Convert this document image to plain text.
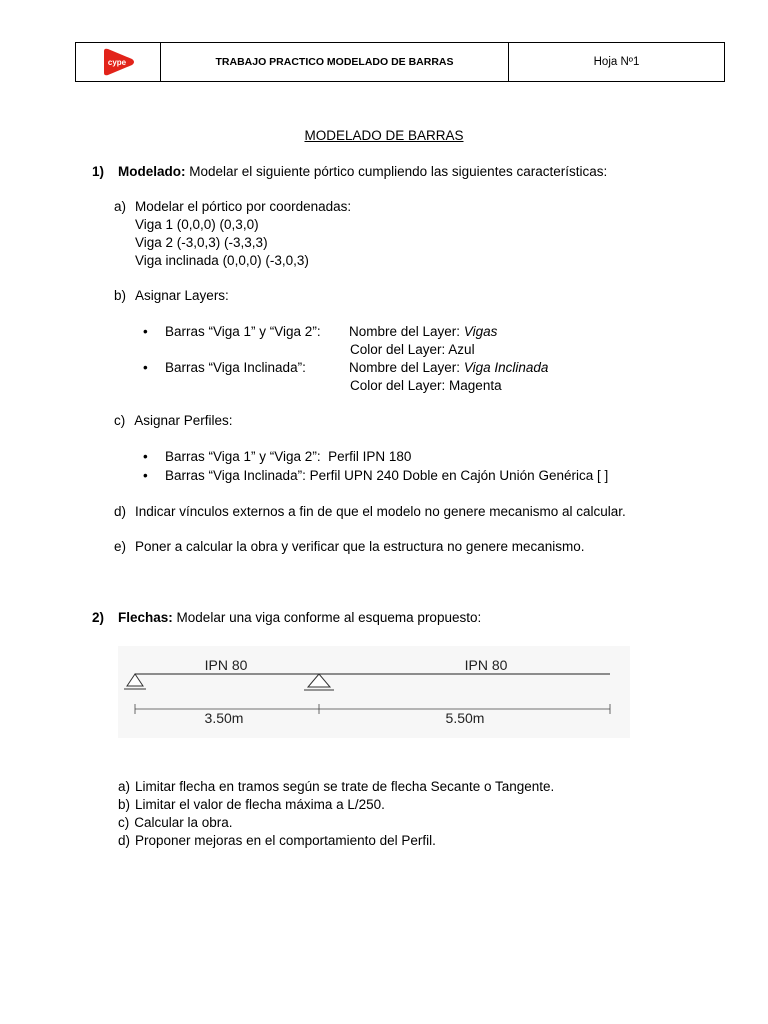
cype	TRABAJO PRACTICO MODELADO DE BARRAS	Hoja Nº1
MODELADO DE BARRAS
1) Modelado: Modelar el siguiente pórtico cumpliendo las siguientes características:
a) Modelar el pórtico por coordenadas:
Viga 1 (0,0,0) (0,3,0)
Viga 2 (-3,0,3) (-3,3,3)
Viga inclinada (0,0,0) (-3,0,3)
b) Asignar Layers:
• Barras “Viga 1” y “Viga 2”: Nombre del Layer: Vigas
Color del Layer: Azul
• Barras “Viga Inclinada”:	Nombre del Layer: Viga Inclinada
Color del Layer: Magenta
c) Asignar Perfiles:
• Barras “Viga 1” y “Viga 2”:  Perfil IPN 180
• Barras “Viga Inclinada”: Perfil UPN 240 Doble en Cajón Unión Genérica [ ]
d) Indicar vínculos externos a fin de que el modelo no genere mecanismo al calcular.
e) Poner a calcular la obra y verificar que la estructura no genere mecanismo.
2) Flechas: Modelar una viga conforme al esquema propuesto:
IPN 80	IPN 80
3.50m	5.50m
a) Limitar flecha en tramos según se trate de flecha Secante o Tangente.
b) Limitar el valor de flecha máxima a L/250.
c) Calcular la obra.
d) Proponer mejoras en el comportamiento del Perfil.
